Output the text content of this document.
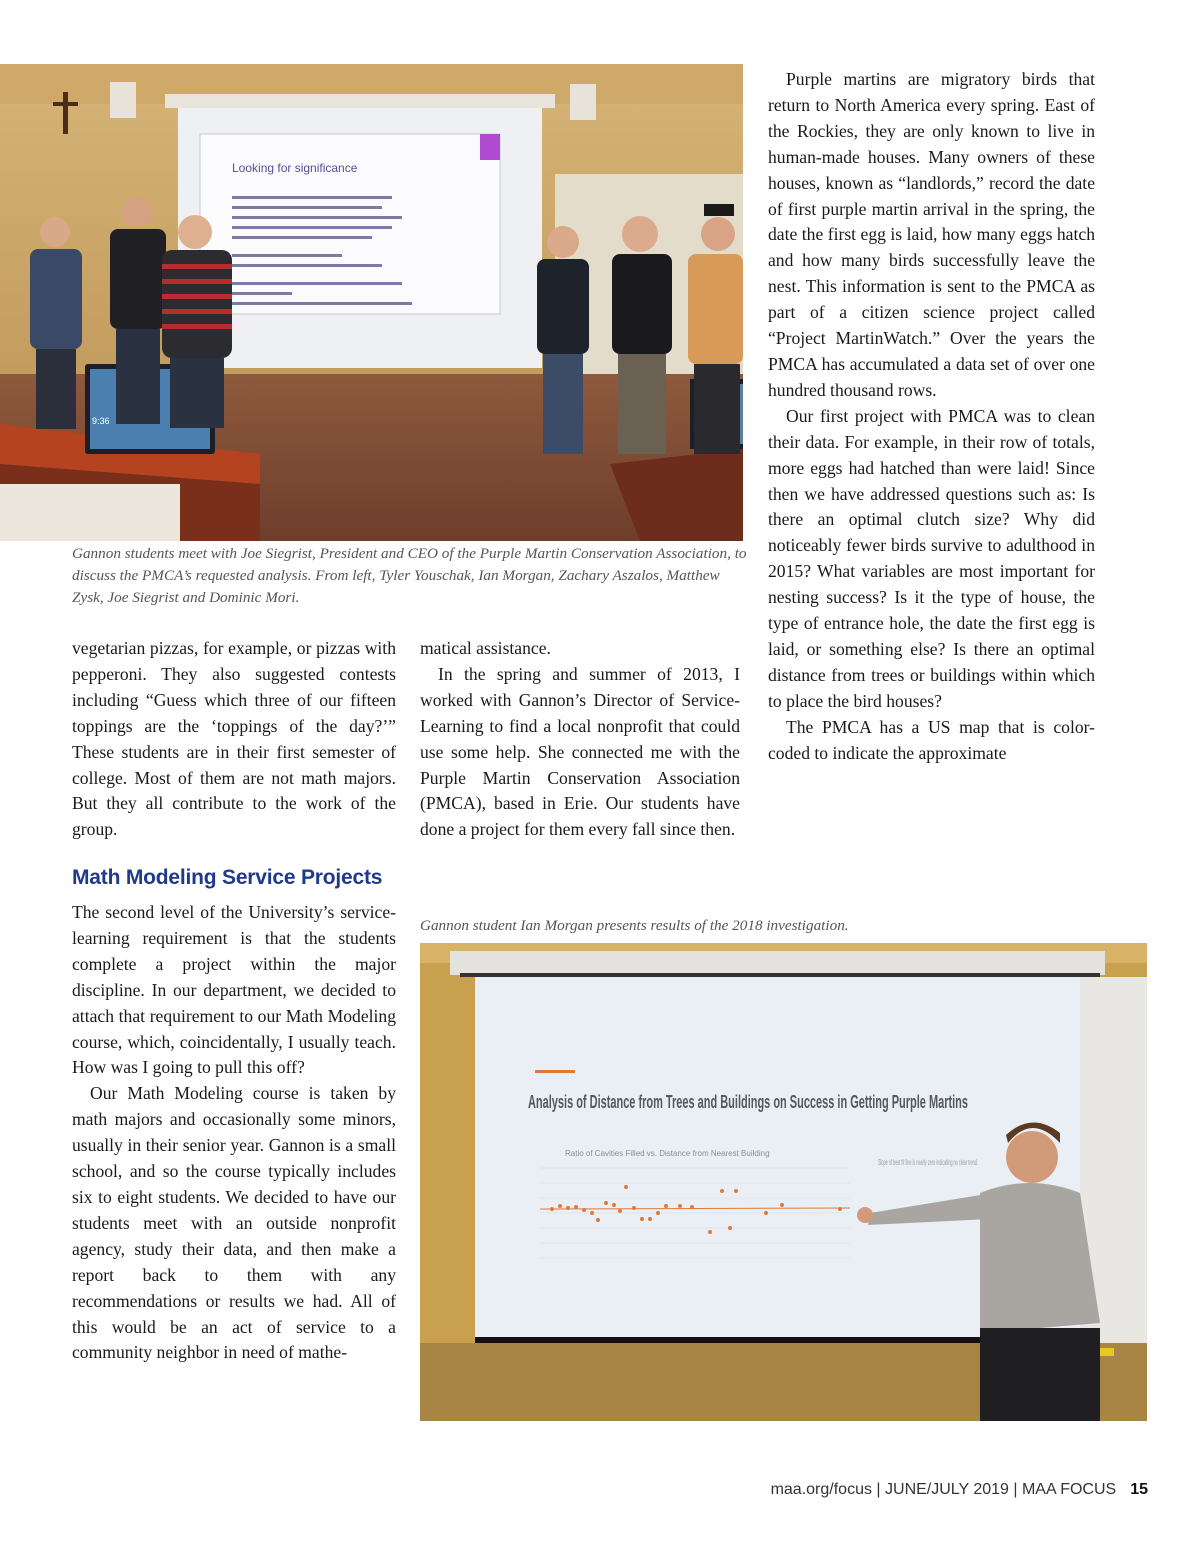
Looking for significance
9:36
Gannon students meet with Joe Siegrist, President and CEO of the Purple Martin Conservation Association, to discuss the PMCA’s requested analysis. From left, Tyler Youschak, Ian Morgan, Zachary Aszalos, Matthew Zysk, Joe Siegrist and Dominic Mori.

Purple martins are migratory birds that return to North America every spring. East of the Rockies, they are only known to live in human-made houses. Many owners of these houses, known as “landlords,” record the date of first purple martin arrival in the spring, the date the first egg is laid, how many eggs hatch and how many birds successfully leave the nest. This information is sent to the PMCA as part of a citizen science project called “Project MartinWatch.” Over the years the PMCA has accumulated a data set of over one hundred thousand rows.

Our first project with PMCA was to clean their data. For example, in their row of totals, more eggs had hatched than were laid! Since then we have addressed questions such as: Is there an optimal clutch size? Why did noticeably fewer birds survive to adulthood in 2015? What variables are most important for nesting success? Is it the type of house, the type of entrance hole, the date the first egg is laid, or something else? Is there an optimal distance from trees or buildings within which to place the bird houses?

The PMCA has a US map that is color-coded to indicate the approximate

vegetarian pizzas, for example, or pizzas with pepperoni. They also suggested contests including “Guess which three of our fifteen toppings are the ‘toppings of the day?’” These students are in their first semester of college. Most of them are not math majors. But they all contribute to the work of the group.

Math Modeling Service Projects

The second level of the University’s service-learning requirement is that the students complete a project within the major discipline. In our department, we decided to attach that requirement to our Math Modeling course, which, coincidentally, I usually teach. How was I going to pull this off?

Our Math Modeling course is taken by math majors and occasionally some minors, usually in their senior year. Gannon is a small school, and so the course typically includes six to eight students. We decided to have our students meet with an outside nonprofit agency, study their data, and then make a report back to them with any recommendations or results we had. All of this would be an act of service to a community neighbor in need of mathe-

matical assistance.

In the spring and summer of 2013, I worked with Gannon’s Director of Service-Learning to find a local nonprofit that could use some help. She connected me with the Purple Martin Conservation Association (PMCA), based in Erie. Our students have done a project for them every fall since then.

Gannon student Ian Morgan presents results of the 2018 investigation.
Analysis of Distance from Trees and Buildings on Success in Getting Purple Martins
Ratio of Cavities Filled vs. Distance from Nearest Building
Slope of best fit line is nearly zero indicating no clear trend.
maa.org/focus | JUNE/JULY 2019 | MAA FOCUS 15
